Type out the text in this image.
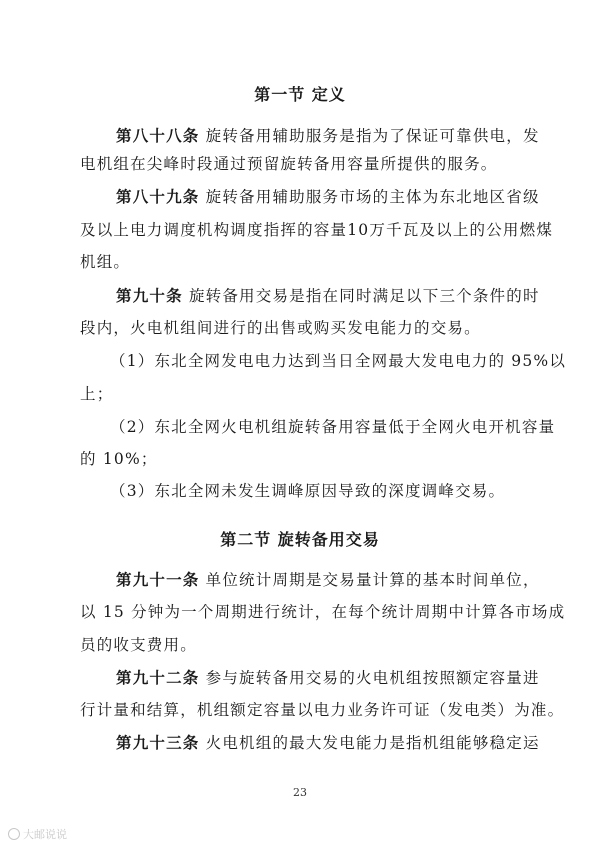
第一节 定义
第八十八条 旋转备用辅助服务是指为了保证可靠供电，发
电机组在尖峰时段通过预留旋转备用容量所提供的服务。
第八十九条 旋转备用辅助服务市场的主体为东北地区省级
及以上电力调度机构调度指挥的容量10万千瓦及以上的公用燃煤
机组。
第九十条 旋转备用交易是指在同时满足以下三个条件的时
段内，火电机组间进行的出售或购买发电能力的交易。
（1）东北全网发电电力达到当日全网最大发电电力的 95%以
上；
（2）东北全网火电机组旋转备用容量低于全网火电开机容量
的 10%；
（3）东北全网未发生调峰原因导致的深度调峰交易。
第二节 旋转备用交易
第九十一条 单位统计周期是交易量计算的基本时间单位，
以 15 分钟为一个周期进行统计，在每个统计周期中计算各市场成
员的收支费用。
第九十二条 参与旋转备用交易的火电机组按照额定容量进
行计量和结算，机组额定容量以电力业务许可证（发电类）为准。
第九十三条 火电机组的最大发电能力是指机组能够稳定运
23
大邮说说
